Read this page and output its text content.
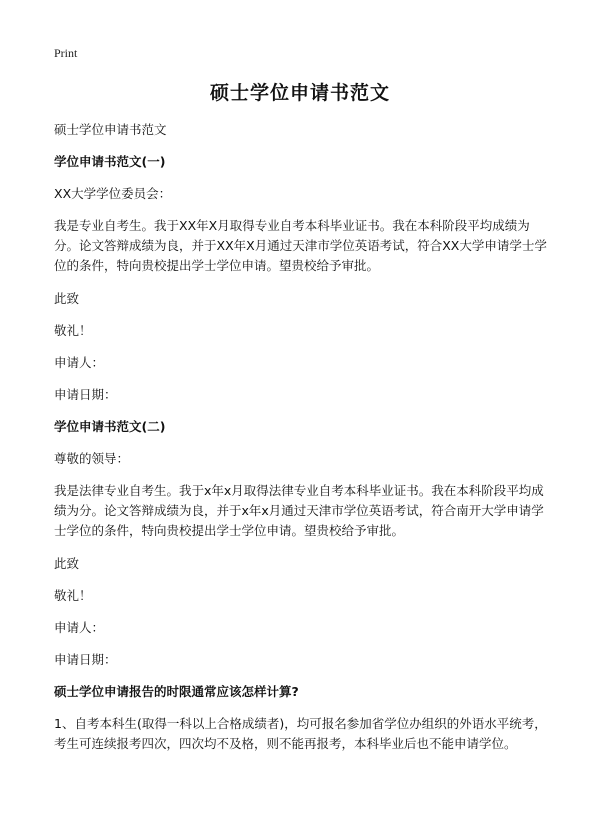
Print
硕士学位申请书范文

硕士学位申请书范文

学位申请书范文(一)

XX大学学位委员会：

我是专业自考生。我于XX年X月取得专业自考本科毕业证书。我在本科阶段平均成绩为分。论文答辩成绩为良，并于XX年X月通过天津市学位英语考试，符合XX大学申请学士学位的条件，特向贵校提出学士学位申请。望贵校给予审批。

此致

敬礼！

申请人：

申请日期：

学位申请书范文(二)

尊敬的领导：

我是法律专业自考生。我于x年x月取得法律专业自考本科毕业证书。我在本科阶段平均成绩为分。论文答辩成绩为良，并于x年x月通过天津市学位英语考试，符合南开大学申请学士学位的条件，特向贵校提出学士学位申请。望贵校给予审批。

此致

敬礼！

申请人：

申请日期：

硕士学位申请报告的时限通常应该怎样计算?

1、自考本科生(取得一科以上合格成绩者)，均可报名参加省学位办组织的外语水平统考，考生可连续报考四次，四次均不及格，则不能再报考，本科毕业后也不能申请学位。
